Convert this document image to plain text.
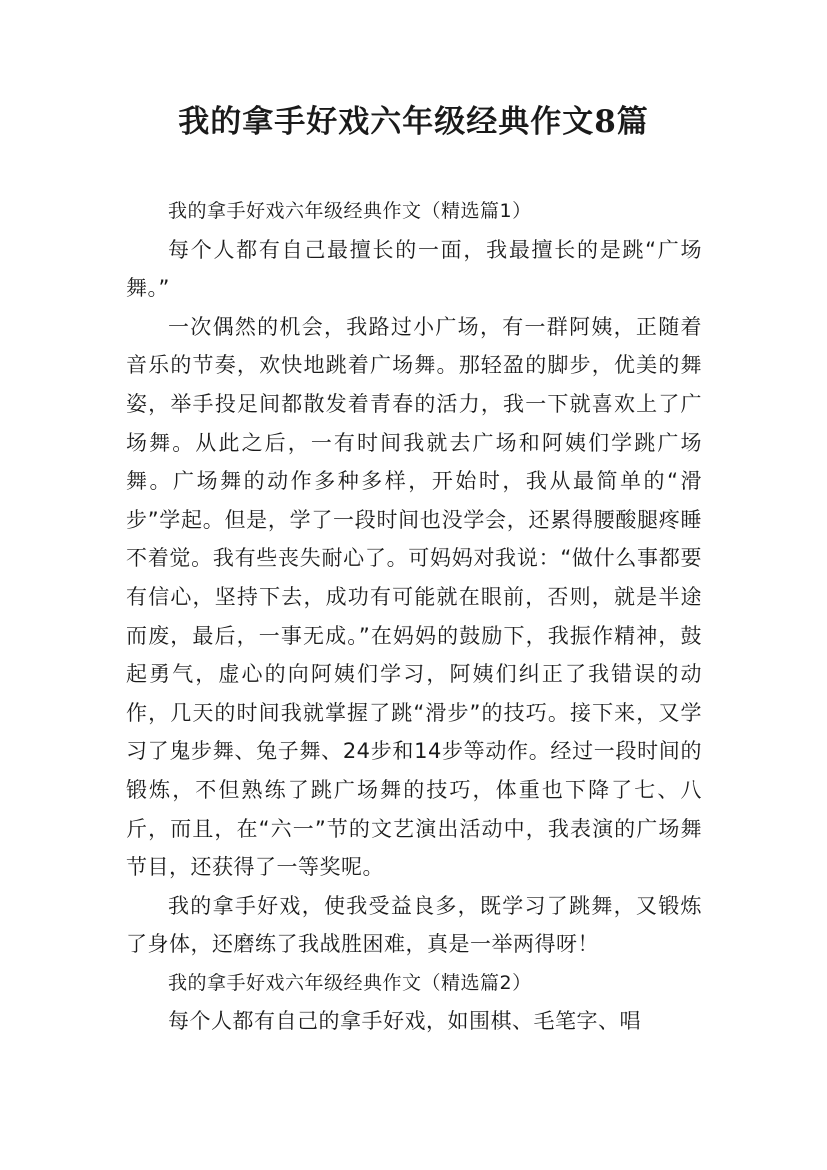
我的拿手好戏六年级经典作文8篇

我的拿手好戏六年级经典作文（精选篇1）

每个人都有自己最擅长的一面，我最擅长的是跳“广场舞。”

一次偶然的机会，我路过小广场，有一群阿姨，正随着音乐的节奏，欢快地跳着广场舞。那轻盈的脚步，优美的舞姿，举手投足间都散发着青春的活力，我一下就喜欢上了广场舞。从此之后，一有时间我就去广场和阿姨们学跳广场舞。广场舞的动作多种多样，开始时，我从最简单的“滑步”学起。但是，学了一段时间也没学会，还累得腰酸腿疼睡不着觉。我有些丧失耐心了。可妈妈对我说：“做什么事都要有信心，坚持下去，成功有可能就在眼前，否则，就是半途而废，最后，一事无成。”在妈妈的鼓励下，我振作精神，鼓起勇气，虚心的向阿姨们学习，阿姨们纠正了我错误的动作，几天的时间我就掌握了跳“滑步”的技巧。接下来，又学习了鬼步舞、兔子舞、24步和14步等动作。经过一段时间的锻炼，不但熟练了跳广场舞的技巧，体重也下降了七、八斤，而且，在“六一”节的文艺演出活动中，我表演的广场舞节目，还获得了一等奖呢。

我的拿手好戏，使我受益良多，既学习了跳舞，又锻炼了身体，还磨练了我战胜困难，真是一举两得呀！

我的拿手好戏六年级经典作文（精选篇2）

每个人都有自己的拿手好戏，如围棋、毛笔字、唱
